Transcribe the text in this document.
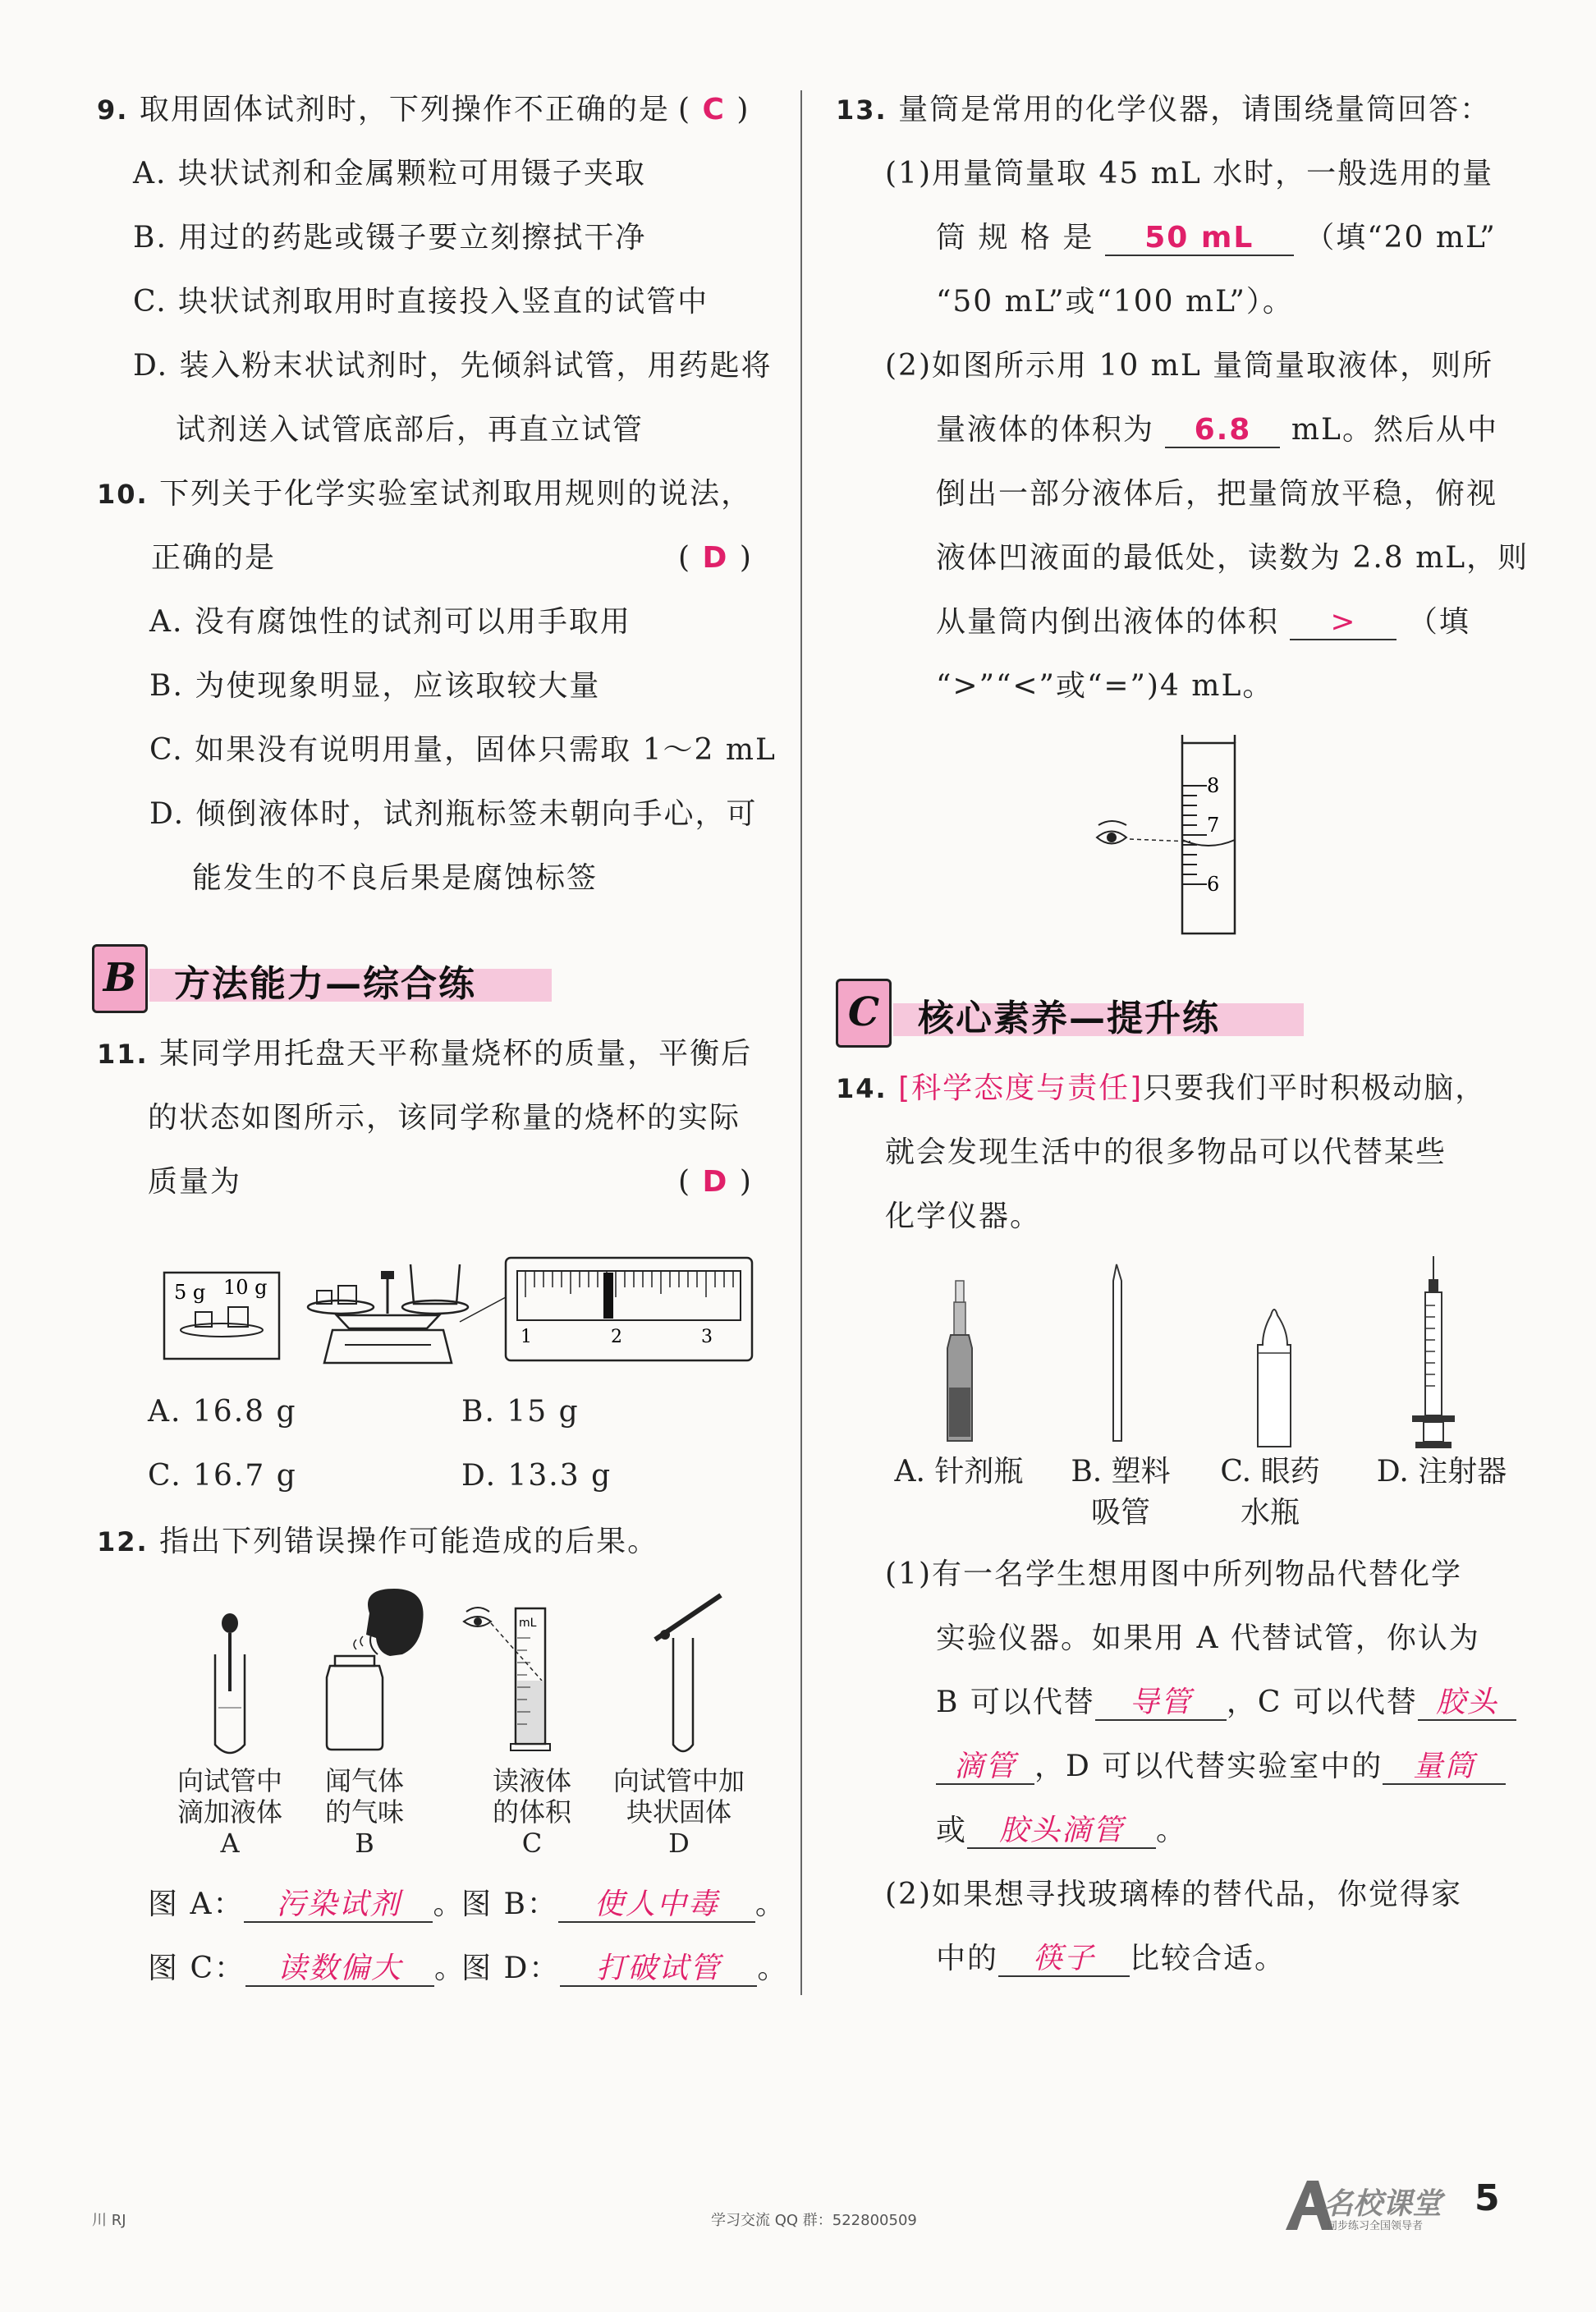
9. 取用固体试剂时，下列操作不正确的是 ( C )
A. 块状试剂和金属颗粒可用镊子夹取
B. 用过的药匙或镊子要立刻擦拭干净
C. 块状试剂取用时直接投入竖直的试管中
D. 装入粉末状试剂时，先倾斜试管，用药匙将
试剂送入试管底部后，再直立试管
10. 下列关于化学实验室试剂取用规则的说法，
正确的是	( D )
A. 没有腐蚀性的试剂可以用手取用
B. 为使现象明显，应该取较大量
C. 如果没有说明用量，固体只需取 1～2 mL
D. 倾倒液体时，试剂瓶标签未朝向手心，可
能发生的不良后果是腐蚀标签
B	方法能力—综合练
11. 某同学用托盘天平称量烧杯的质量，平衡后
的状态如图所示，该同学称量的烧杯的实际
质量为	( D )
5 g 10 g
1	2	3
A. 16.8 g	B. 15 g
C. 16.7 g	D. 13.3 g
12. 指出下列错误操作可能造成的后果。
mL
向试管中
滴加液体
A
闻气体
的气味
B
读液体
的体积
C
向试管中加
块状固体
D
图 A： 污染试剂 。
图 B： 使人中毒 。
图 C： 读数偏大 。
图 D： 打破试管 。
13. 量筒是常用的化学仪器，请围绕量筒回答：
(1)用量筒量取 45 mL 水时，一般选用的量
筒 规 格 是 50 mL （填“20 mL”
“50 mL”或“100 mL”）。
(2)如图所示用 10 mL 量筒量取液体，则所
量液体的体积为 6.8 mL。然后从中
倒出一部分液体后，把量筒放平稳，俯视
液体凹液面的最低处，读数为 2.8 mL，则
从量筒内倒出液体的体积 > （填
“>”“<”或“=”)4 mL。
8
7
6
C	核心素养—提升练
14. [科学态度与责任]只要我们平时积极动脑，
就会发现生活中的很多物品可以代替某些
化学仪器。
A. 针剂瓶	B. 塑料
吸管
C. 眼药
水瓶
D. 注射器
(1)有一名学生想用图中所列物品代替化学
实验仪器。如果用 A 代替试管，你认为
B 可以代替 导管 ，C 可以代替 胶头
滴管 ，D 可以代替实验室中的 量筒
或 胶头滴管 。
(2)如果想寻找玻璃棒的替代品，你觉得家
中的 筷子 比较合适。
川 RJ	学习交流 QQ 群：522800509	名校课堂
同步练习全国领导者
5
